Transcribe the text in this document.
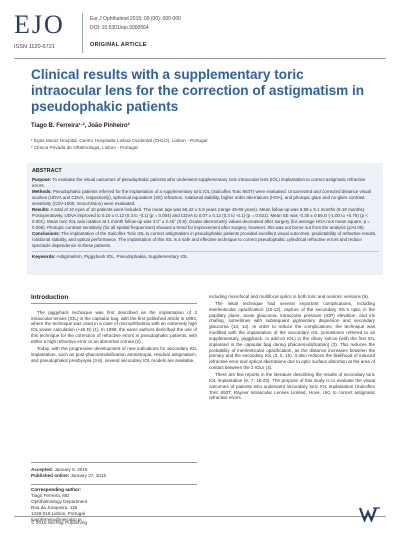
EJO
ISSN 1120-6721
Eur J Ophthalmol 2015; 00 (00): 000-000
DOI: 10.5301/ejo.5000564
ORIGINAL ARTICLE
Clinical results with a supplementary toric intraocular lens for the correction of astigmatism in pseudophakic patients
Tiago B. Ferreira¹·², João Pinheiro²
¹ Egas Moniz Hospital, Centro Hospitalar Lisboa Ocidental (CHLO), Lisbon - Portugal
² Clínica Privada de Oftalmologia, Lisbon - Portugal
ABSTRACT

Purpose: To evaluate the visual outcomes of pseudophakic patients who underwent supplementary toric intraocular lens (IOL) implantation to correct astigmatic refractive errors.

Methods: Pseudophakic patients referred for the implantation of a supplementary toric IOL (Sulcoflex Toric 653T) were evaluated. Uncorrected and corrected distance visual acuities (UDVA and CDVA, respectively), spherical equivalent (SE) refraction, rotational stability, higher order aberrations (HOA), and photopic glare and no-glare contrast sensitivity (CSV-1000, VectorVision) were evaluated.

Results: A total of 10 eyes of 10 patients were included. The mean age was 56.42 ± 5.9 years (range 45-65 years). Mean follow-up was 6.99 ± 5.1 months (6-18 months). Postoperatively, UDVA improved to 0.10 ± 0.12 (0.3 to -0.1) (p = 0.004) and CDVA to 0.07 ± 0.12 (0.3 to -0.1) (p = 0.021). Mean SE was -0.30 ± 0.56 D (-1.00 to +0.75) (p < 0.001). Mean toric IOL axis rotation at 1 month follow-up was 3.0° ± 2.45° (0-6). Ocular aberrometry values decreased after surgery (for average HOA root mean square, p = 0.008). Photopic contrast sensitivity (for all spatial frequencies) showed a trend for improvement after surgery; however, this was not borne out from the analysis (p>0.05).

Conclusions: The implantation of the Sulcoflex Toric IOL to correct astigmatism in pseudophakic patients provided excellent visual outcomes, predictability of refractive results, rotational stability, and optical performance. The implantation of this IOL is a safe and effective technique to correct pseudophakic cylindrical refractive errors and reduce spectacle dependence in these patients.

Keywords: Astigmatism, Piggyback IOL, Pseudophakia, Supplementary IOL

Introduction

The piggyback technique was first described as the implantation of 2 intraocular lenses (IOL) in the capsular bag, with the first published article in 1993, where the technique was used in a case of microphthalmia with an extremely high IOL power calculation (+46 D) (1). In 1999, the same authors described the use of this technique for the correction of refractive errors in pseudophakic patients, with either a high refractive error or an abnormal cornea (2).

Today, with the progressive development of new indications for secondary IOL implantation, such as post-phacoemulsification ammetropia, residual astigmatism, and pseudophakic presbyopia (3-8), several secondary IOL models are available,

including monofocal and multifocal optics in both toric and nontoric versions (9).

The initial technique had several important complications, including interlenticular opacification (10-12), capture of the secondary IOL's optic in the papillary plane, acute glaucoma, intraocular pressure (IOP) elevation, and iris chafing, sometimes with subsequent pigmentary dispersion and secondary glaucoma (13, 14). In order to reduce the complications, the technique was modified with the implantation of the secondary IOL (sometimes referred to as supplementary, piggyback, or add-on IOL) in the ciliary sulcus (with the first IOL implanted in the capsular bag during phacoemulsification) (3). This reduces the probability of interlenticular opacification, as the distance increases between the primary and the secondary IOL (3, 5, 15). It also reduces the likelihood of induced refractive error and optical aberrations due to optic surface distortion at the area of contact between the 2 IOLs (3).

There are few reports in the literature describing the results of secondary toric IOL implantation (6, 7, 16-23). The purpose of this study is to evaluate the visual outcomes of patients who underwent secondary toric IOL implantation (Sulcoflex Toric 653T, Rayner Intraocular Lenses Limited, Hove, UK) to correct astigmatic refractive errors.

Accepted: January 6, 2015
Published online: January 27, 2015
Corresponding author:
Tiago Ferreira, MD
Ophthalmology Department
Rua da Junqueira, 126
1349-019 Lisbon, Portugal
tiagoferreira@netcabo.pt
© 2015 Wichtig Publishing
